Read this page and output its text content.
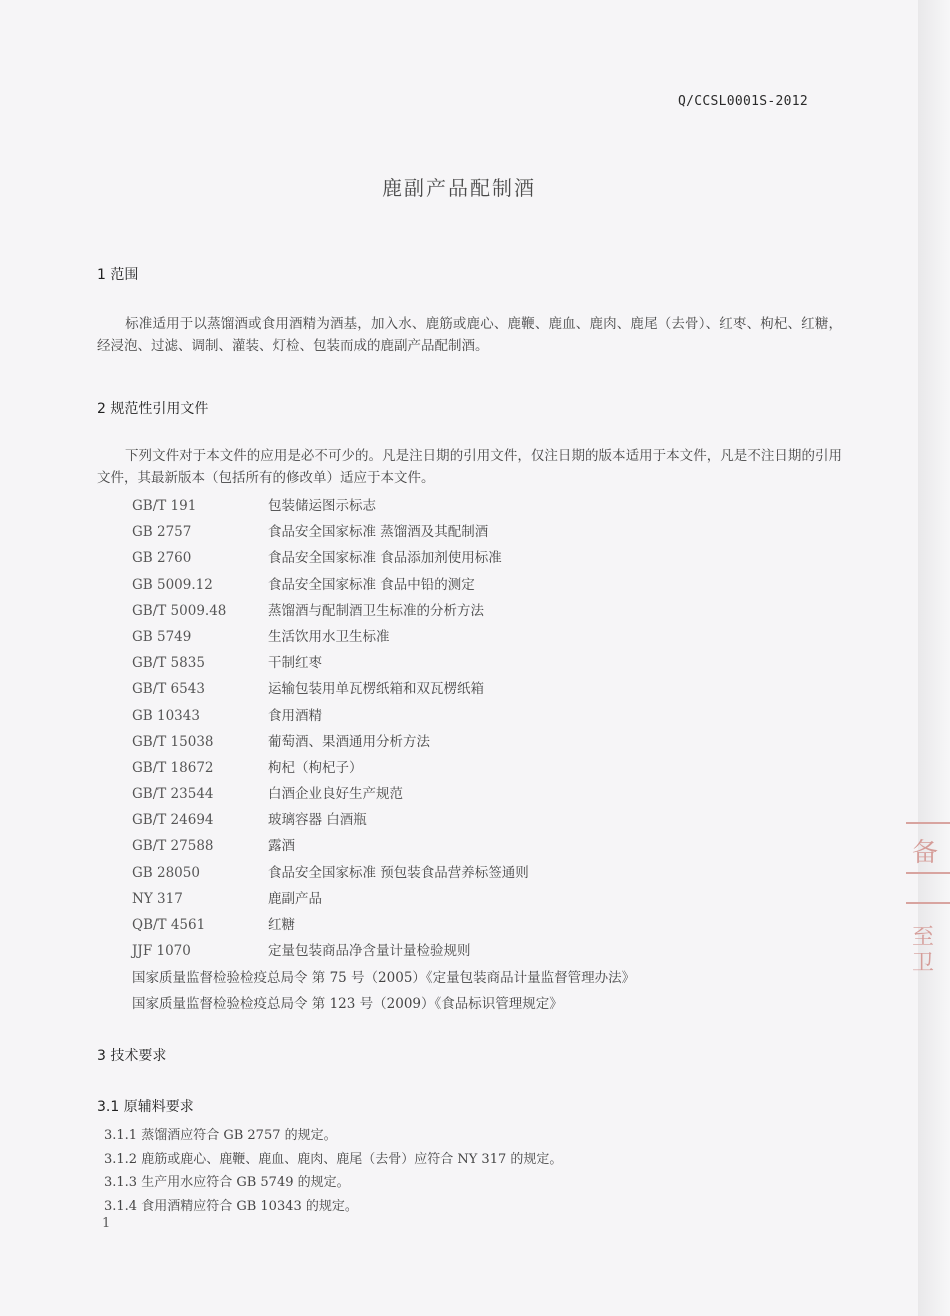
Q/CCSL0001S-2012
鹿副产品配制酒
1 范围
标准适用于以蒸馏酒或食用酒精为酒基，加入水、鹿筋或鹿心、鹿鞭、鹿血、鹿肉、鹿尾（去骨）、红枣、枸杞、红糖，经浸泡、过滤、调制、灌装、灯检、包装而成的鹿副产品配制酒。
2 规范性引用文件
下列文件对于本文件的应用是必不可少的。凡是注日期的引用文件，仅注日期的版本适用于本文件，凡是不注日期的引用文件，其最新版本（包括所有的修改单）适应于本文件。
GB/T 191	包装储运图示标志
GB 2757	食品安全国家标准 蒸馏酒及其配制酒
GB 2760	食品安全国家标准 食品添加剂使用标准
GB 5009.12	食品安全国家标准 食品中铅的测定
GB/T 5009.48	蒸馏酒与配制酒卫生标准的分析方法
GB 5749	生活饮用水卫生标准
GB/T 5835	干制红枣
GB/T 6543	运输包装用单瓦楞纸箱和双瓦楞纸箱
GB 10343	食用酒精
GB/T 15038	葡萄酒、果酒通用分析方法
GB/T 18672	枸杞（枸杞子）
GB/T 23544	白酒企业良好生产规范
GB/T 24694	玻璃容器 白酒瓶
GB/T 27588	露酒
GB 28050	食品安全国家标准 预包装食品营养标签通则
NY 317	鹿副产品
QB/T 4561	红糖
JJF 1070	定量包装商品净含量计量检验规则
国家质量监督检验检疫总局令 第 75 号（2005）《定量包装商品计量监督管理办法》
国家质量监督检验检疫总局令 第 123 号（2009）《食品标识管理规定》
3 技术要求
3.1 原辅料要求
3.1.1 蒸馏酒应符合 GB 2757 的规定。
3.1.2 鹿筋或鹿心、鹿鞭、鹿血、鹿肉、鹿尾（去骨）应符合 NY 317 的规定。
3.1.3 生产用水应符合 GB 5749 的规定。
3.1.4 食用酒精应符合 GB 10343 的规定。
1
备
至
卫
